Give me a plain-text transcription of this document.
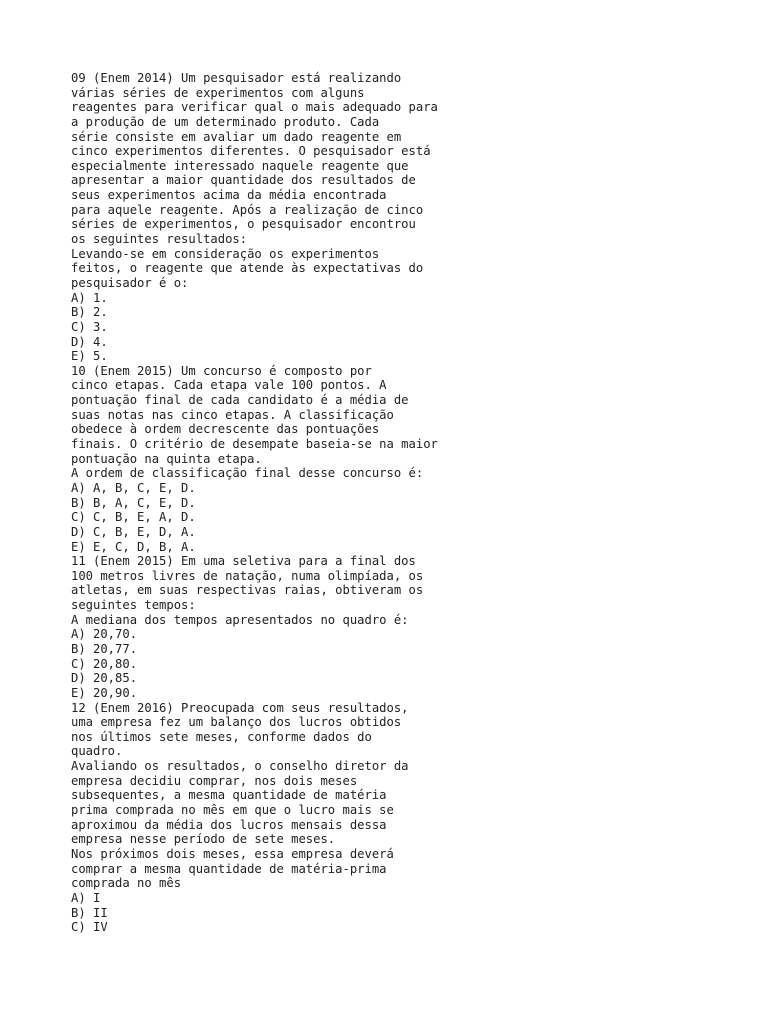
09 (Enem 2014) Um pesquisador está realizando
várias séries de experimentos com alguns
reagentes para verificar qual o mais adequado para
a produção de um determinado produto. Cada
série consiste em avaliar um dado reagente em
cinco experimentos diferentes. O pesquisador está
especialmente interessado naquele reagente que
apresentar a maior quantidade dos resultados de
seus experimentos acima da média encontrada
para aquele reagente. Após a realização de cinco
séries de experimentos, o pesquisador encontrou
os seguintes resultados:
Levando-se em consideração os experimentos
feitos, o reagente que atende às expectativas do
pesquisador é o:
A) 1.
B) 2.
C) 3.
D) 4.
E) 5.
10 (Enem 2015) Um concurso é composto por
cinco etapas. Cada etapa vale 100 pontos. A
pontuação final de cada candidato é a média de
suas notas nas cinco etapas. A classificação
obedece à ordem decrescente das pontuações
finais. O critério de desempate baseia-se na maior
pontuação na quinta etapa.
A ordem de classificação final desse concurso é:
A) A, B, C, E, D.
B) B, A, C, E, D.
C) C, B, E, A, D.
D) C, B, E, D, A.
E) E, C, D, B, A.
11 (Enem 2015) Em uma seletiva para a final dos
100 metros livres de natação, numa olimpíada, os
atletas, em suas respectivas raias, obtiveram os
seguintes tempos:
A mediana dos tempos apresentados no quadro é:
A) 20,70.
B) 20,77.
C) 20,80.
D) 20,85.
E) 20,90.
12 (Enem 2016) Preocupada com seus resultados,
uma empresa fez um balanço dos lucros obtidos
nos últimos sete meses, conforme dados do
quadro.
Avaliando os resultados, o conselho diretor da
empresa decidiu comprar, nos dois meses
subsequentes, a mesma quantidade de matéria
prima comprada no mês em que o lucro mais se
aproximou da média dos lucros mensais dessa
empresa nesse período de sete meses.
Nos próximos dois meses, essa empresa deverá
comprar a mesma quantidade de matéria-prima
comprada no mês
A) I
B) II
C) IV
